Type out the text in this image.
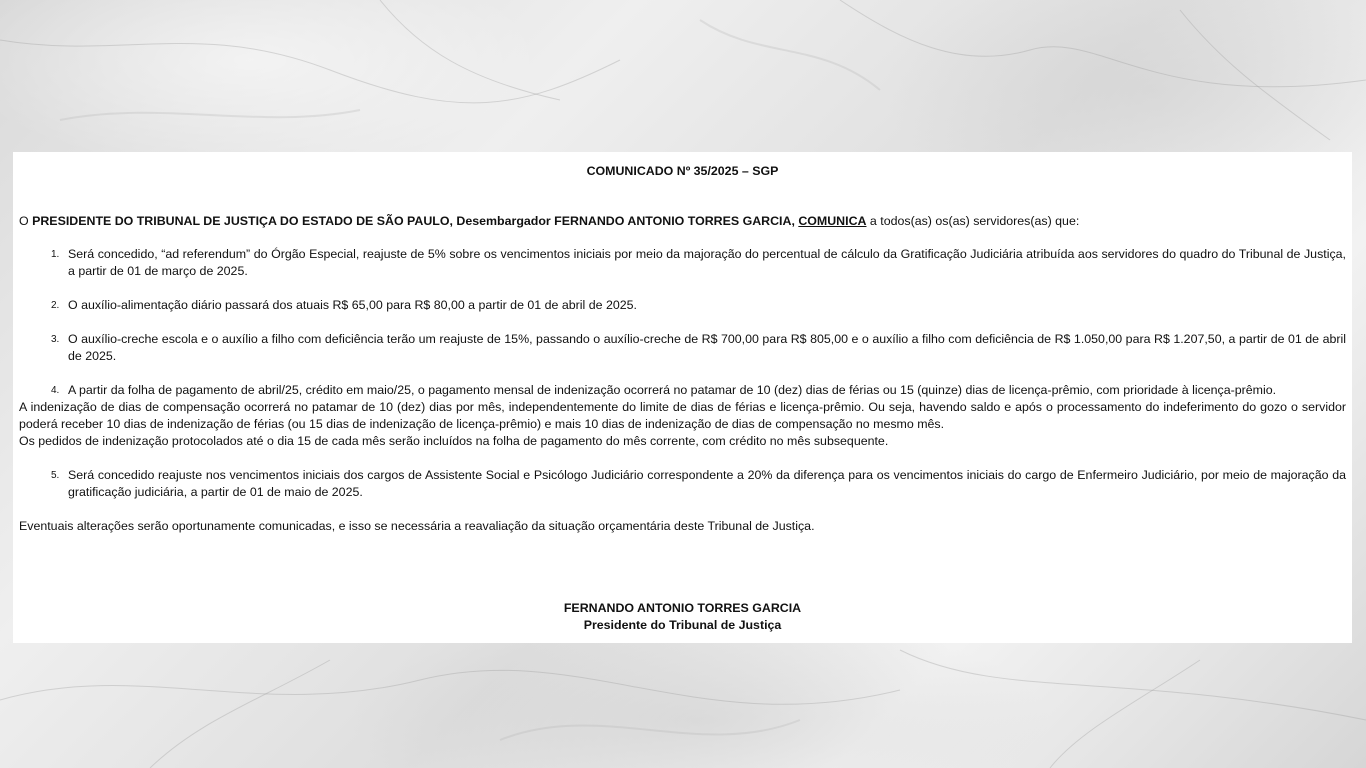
COMUNICADO Nº 35/2025 – SGP
O PRESIDENTE DO TRIBUNAL DE JUSTIÇA DO ESTADO DE SÃO PAULO, Desembargador FERNANDO ANTONIO TORRES GARCIA, COMUNICA a todos(as) os(as) servidores(as) que:
1. Será concedido, “ad referendum” do Órgão Especial, reajuste de 5% sobre os vencimentos iniciais por meio da majoração do percentual de cálculo da Gratificação Judiciária atribuída aos servidores do quadro do Tribunal de Justiça, a partir de 01 de março de 2025.
2. O auxílio-alimentação diário passará dos atuais R$ 65,00 para R$ 80,00 a partir de 01 de abril de 2025.
3. O auxílio-creche escola e o auxílio a filho com deficiência terão um reajuste de 15%, passando o auxílio-creche de R$ 700,00 para R$ 805,00 e o auxílio a filho com deficiência de R$ 1.050,00 para R$ 1.207,50, a partir de 01 de abril de 2025.
4. A partir da folha de pagamento de abril/25, crédito em maio/25, o pagamento mensal de indenização ocorrerá no patamar de 10 (dez) dias de férias ou 15 (quinze) dias de licença-prêmio, com prioridade à licença-prêmio.
A indenização de dias de compensação ocorrerá no patamar de 10 (dez) dias por mês, independentemente do limite de dias de férias e licença-prêmio. Ou seja, havendo saldo e após o processamento do indeferimento do gozo o servidor poderá receber 10 dias de indenização de férias (ou 15 dias de indenização de licença-prêmio) e mais 10 dias de indenização de dias de compensação no mesmo mês.
Os pedidos de indenização protocolados até o dia 15 de cada mês serão incluídos na folha de pagamento do mês corrente, com crédito no mês subsequente.
5. Será concedido reajuste nos vencimentos iniciais dos cargos de Assistente Social e Psicólogo Judiciário correspondente a 20% da diferença para os vencimentos iniciais do cargo de Enfermeiro Judiciário, por meio de majoração da gratificação judiciária, a partir de 01 de maio de 2025.
Eventuais alterações serão oportunamente comunicadas, e isso se necessária a reavaliação da situação orçamentária deste Tribunal de Justiça.
FERNANDO ANTONIO TORRES GARCIA
Presidente do Tribunal de Justiça
